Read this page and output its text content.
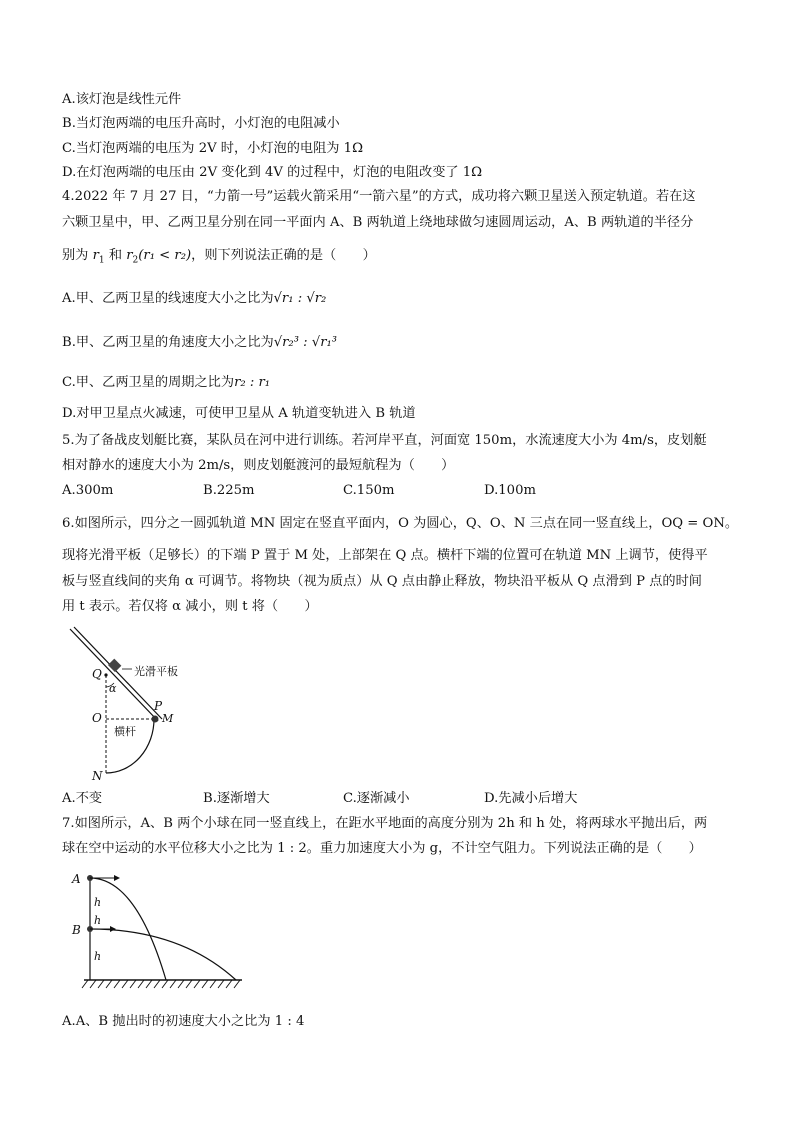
A.该灯泡是线性元件
B.当灯泡两端的电压升高时，小灯泡的电阻减小
C.当灯泡两端的电压为 2V 时，小灯泡的电阻为 1Ω
D.在灯泡两端的电压由 2V 变化到 4V 的过程中，灯泡的电阻改变了 1Ω
4.2022 年 7 月 27 日，“力箭一号”运载火箭采用“一箭六星”的方式，成功将六颗卫星送入预定轨道。若在这
六颗卫星中，甲、乙两卫星分别在同一平面内 A、B 两轨道上绕地球做匀速圆周运动，A、B 两轨道的半径分
别为 $r_1$ 和 $r_2(r_1 < r_2)$，则下列说法正确的是（　　）
A.甲、乙两卫星的线速度大小之比为√r₁ : √r₂
B.甲、乙两卫星的角速度大小之比为√r₂³ : √r₁³
C.甲、乙两卫星的周期之比为r₂ : r₁
D.对甲卫星点火减速，可使甲卫星从 A 轨道变轨进入 B 轨道
5.为了备战皮划艇比赛，某队员在河中进行训练。若河岸平直，河面宽 150m，水流速度大小为 4m/s，皮划艇
相对静水的速度大小为 2m/s，则皮划艇渡河的最短航程为（　　）
A.300m	B.225m	C.150m	D.100m
6.如图所示，四分之一圆弧轨道 MN 固定在竖直平面内，O 为圆心，Q、O、N 三点在同一竖直线上，OQ = ON。
现将光滑平板（足够长）的下端 P 置于 M 处，上部架在 Q 点。横杆下端的位置可在轨道 MN 上调节，使得平
板与竖直线间的夹角 α 可调节。将物块（视为质点）从 Q 点由静止释放，物块沿平板从 Q 点滑到 P 点的时间
用 t 表示。若仅将 α 减小，则 t 将（　　）
Q
α
O
N
P
M
光滑平板
横杆
A.不变	B.逐渐增大	C.逐渐减小	D.先减小后增大
7.如图所示，A、B 两个小球在同一竖直线上，在距水平地面的高度分别为 2h 和 h 处，将两球水平抛出后，两
球在空中运动的水平位移大小之比为 1 : 2。重力加速度大小为 g，不计空气阻力。下列说法正确的是（　　）
A
B
h
h
h
A.A、B 抛出时的初速度大小之比为 1 : 4
